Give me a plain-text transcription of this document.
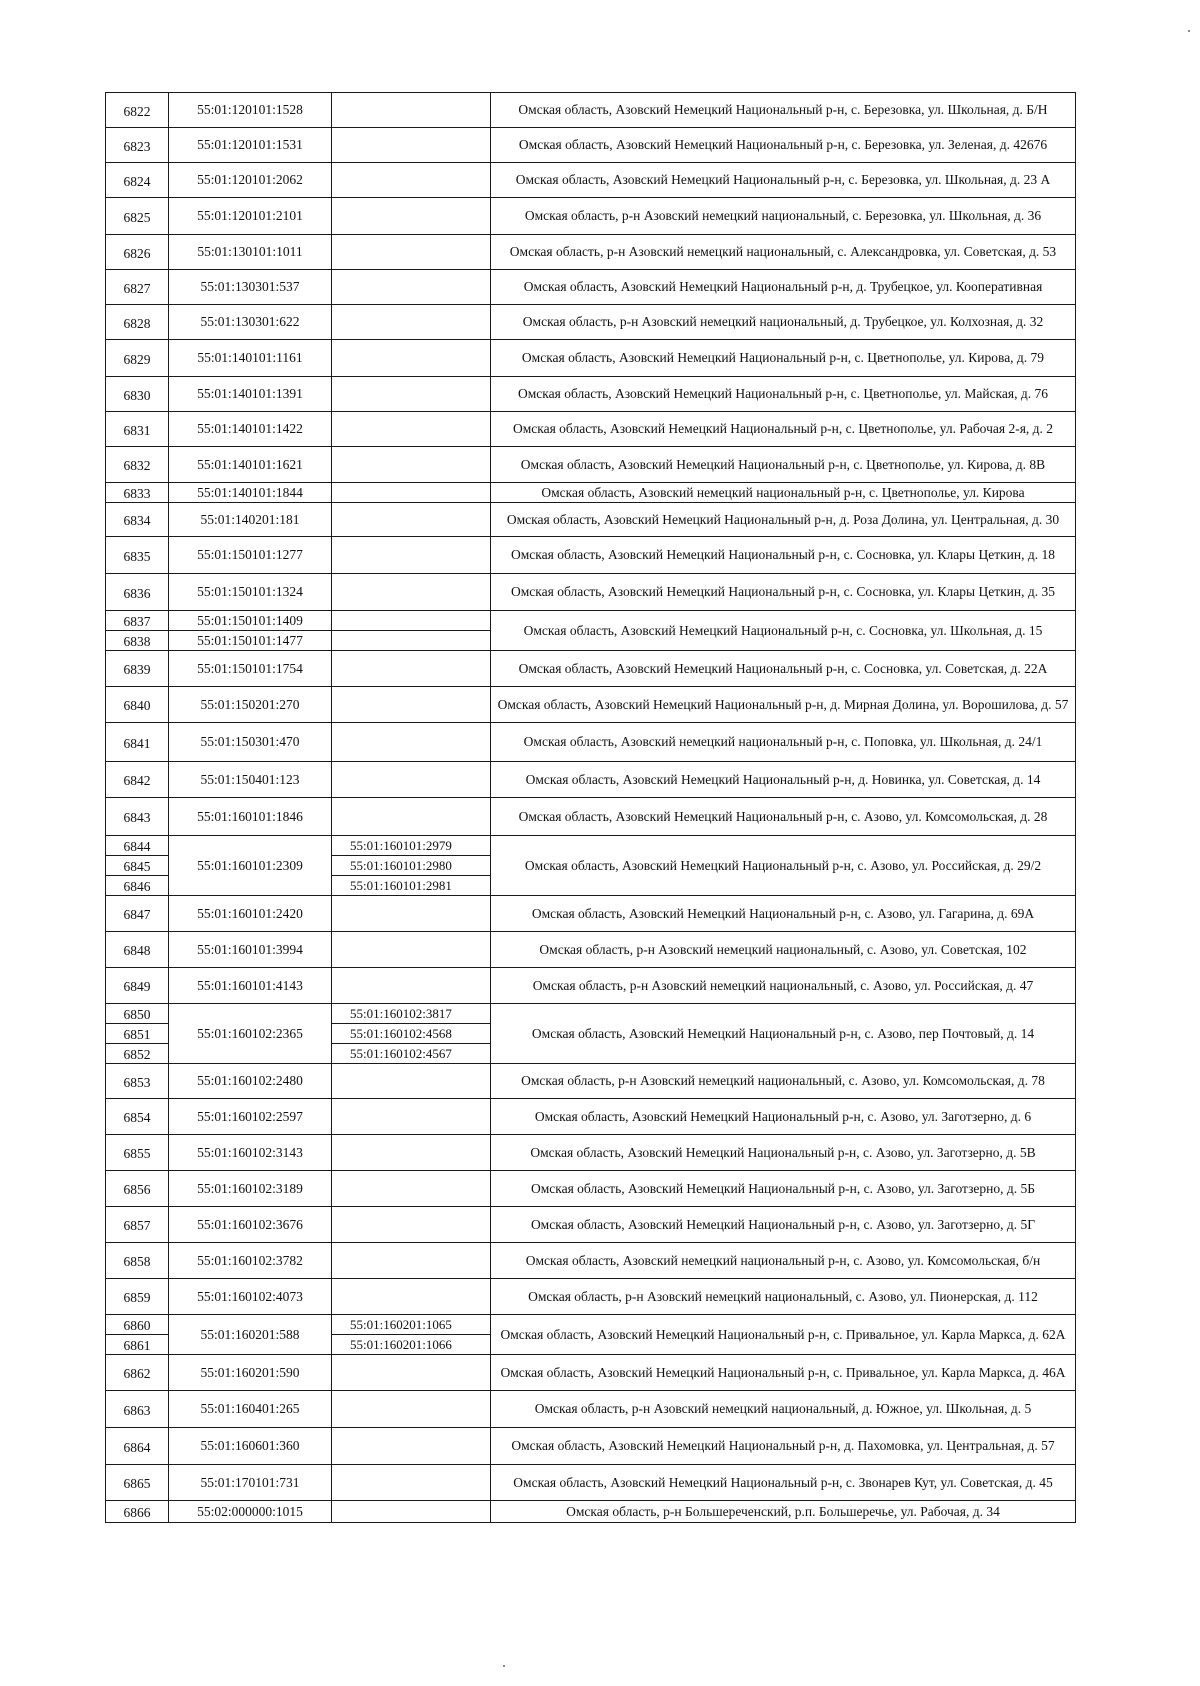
6822	55:01:120101:1528		Омская область, Азовский Немецкий Национальный р-н, с. Березовка, ул. Школьная, д. Б/Н
6823	55:01:120101:1531		Омская область, Азовский Немецкий Национальный р-н, с. Березовка, ул. Зеленая, д. 42676
6824	55:01:120101:2062		Омская область, Азовский Немецкий Национальный р-н, с. Березовка, ул. Школьная, д. 23 А
6825	55:01:120101:2101		Омская область, р-н Азовский немецкий национальный, с. Березовка, ул. Школьная, д. 36
6826	55:01:130101:1011		Омская область, р-н Азовский немецкий национальный, с. Александровка, ул. Советская, д. 53
6827	55:01:130301:537		Омская область, Азовский Немецкий Национальный р-н, д. Трубецкое, ул. Кооперативная
6828	55:01:130301:622		Омская область, р-н Азовский немецкий национальный, д. Трубецкое, ул. Колхозная, д. 32
6829	55:01:140101:1161		Омская область, Азовский Немецкий Национальный р-н, с. Цветнополье, ул. Кирова, д. 79
6830	55:01:140101:1391		Омская область, Азовский Немецкий Национальный р-н, с. Цветнополье, ул. Майская, д. 76
6831	55:01:140101:1422		Омская область, Азовский Немецкий Национальный р-н, с. Цветнополье, ул. Рабочая 2-я, д. 2
6832	55:01:140101:1621		Омская область, Азовский Немецкий Национальный р-н, с. Цветнополье, ул. Кирова, д. 8В
6833	55:01:140101:1844		Омская область, Азовский немецкий национальный р-н, с. Цветнополье, ул. Кирова
6834	55:01:140201:181		Омская область, Азовский Немецкий Национальный р-н, д. Роза Долина, ул. Центральная, д. 30
6835	55:01:150101:1277		Омская область, Азовский Немецкий Национальный р-н, с. Сосновка, ул. Клары Цеткин, д. 18
6836	55:01:150101:1324		Омская область, Азовский Немецкий Национальный р-н, с. Сосновка, ул. Клары Цеткин, д. 35
6837	55:01:150101:1409		Омская область, Азовский Немецкий Национальный р-н, с. Сосновка, ул. Школьная, д. 15
6838	55:01:150101:1477		
6839	55:01:150101:1754		Омская область, Азовский Немецкий Национальный р-н, с. Сосновка, ул. Советская, д. 22А
6840	55:01:150201:270		Омская область, Азовский Немецкий Национальный р-н, д. Мирная Долина, ул. Ворошилова, д. 57
6841	55:01:150301:470		Омская область, Азовский немецкий национальный р-н, с. Поповка, ул. Школьная, д. 24/1
6842	55:01:150401:123		Омская область, Азовский Немецкий Национальный р-н, д. Новинка, ул. Советская, д. 14
6843	55:01:160101:1846		Омская область, Азовский Немецкий Национальный р-н, с. Азово, ул. Комсомольская, д. 28
6844	55:01:160101:2309	55:01:160101:2979	Омская область, Азовский Немецкий Национальный р-н, с. Азово, ул. Российская, д. 29/2
6845		55:01:160101:2980	
6846		55:01:160101:2981	
6847	55:01:160101:2420		Омская область, Азовский Немецкий Национальный р-н, с. Азово, ул. Гагарина, д. 69А
6848	55:01:160101:3994		Омская область, р-н Азовский немецкий национальный, с. Азово, ул. Советская, 102
6849	55:01:160101:4143		Омская область, р-н Азовский немецкий национальный, с. Азово, ул. Российская, д. 47
6850	55:01:160102:2365	55:01:160102:3817	Омская область, Азовский Немецкий Национальный р-н, с. Азово, пер Почтовый, д. 14
6851		55:01:160102:4568	
6852		55:01:160102:4567	
6853	55:01:160102:2480		Омская область, р-н Азовский немецкий национальный, с. Азово, ул. Комсомольская, д. 78
6854	55:01:160102:2597		Омская область, Азовский Немецкий Национальный р-н, с. Азово, ул. Заготзерно, д. 6
6855	55:01:160102:3143		Омская область, Азовский Немецкий Национальный р-н, с. Азово, ул. Заготзерно, д. 5В
6856	55:01:160102:3189		Омская область, Азовский Немецкий Национальный р-н, с. Азово, ул. Заготзерно, д. 5Б
6857	55:01:160102:3676		Омская область, Азовский Немецкий Национальный р-н, с. Азово, ул. Заготзерно, д. 5Г
6858	55:01:160102:3782		Омская область, Азовский немецкий национальный р-н, с. Азово, ул. Комсомольская, б/н
6859	55:01:160102:4073		Омская область, р-н Азовский немецкий национальный, с. Азово, ул. Пионерская, д. 112
6860	55:01:160201:588	55:01:160201:1065	Омская область, Азовский Немецкий Национальный р-н, с. Привальное, ул. Карла Маркса, д. 62А
6861		55:01:160201:1066	
6862	55:01:160201:590		Омская область, Азовский Немецкий Национальный р-н, с. Привальное, ул. Карла Маркса, д. 46А
6863	55:01:160401:265		Омская область, р-н Азовский немецкий национальный, д. Южное, ул. Школьная, д. 5
6864	55:01:160601:360		Омская область, Азовский Немецкий Национальный р-н, д. Пахомовка, ул. Центральная, д. 57
6865	55:01:170101:731		Омская область, Азовский Немецкий Национальный р-н, с. Звонарев Кут, ул. Советская, д. 45
6866	55:02:000000:1015		Омская область, р-н Большереченский, р.п. Большеречье, ул. Рабочая, д. 34
